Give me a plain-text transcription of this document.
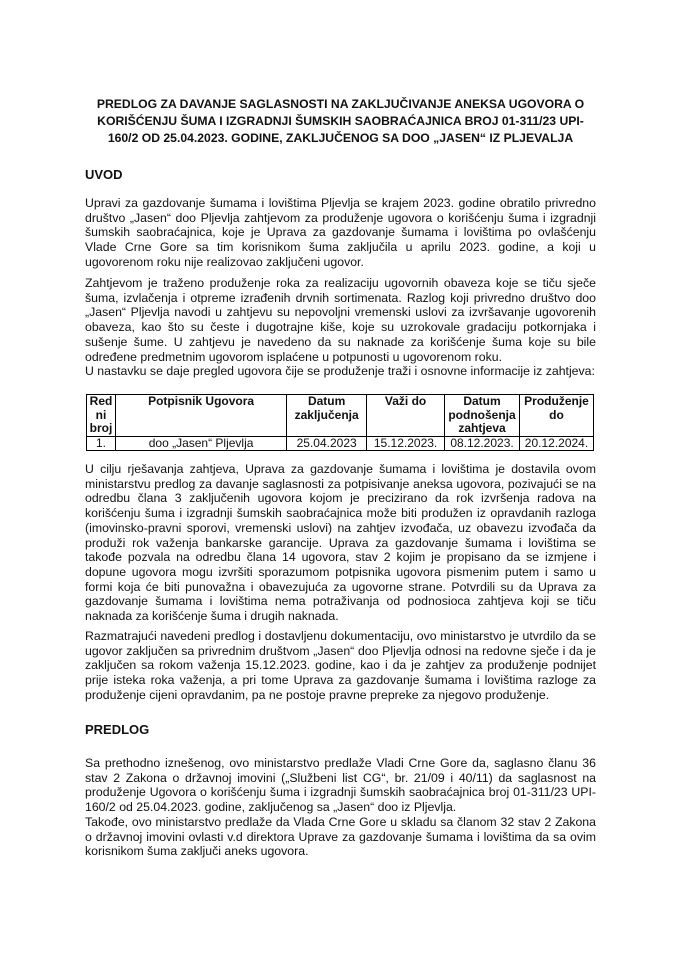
PREDLOG ZA DAVANJE SAGLASNOSTI NA ZAKLJUČIVANJE ANEKSA UGOVORA O KORIŠĆENJU ŠUMA I IZGRADNJI ŠUMSKIH SAOBRAĆAJNICA BROJ 01-311/23 UPI-160/2 OD 25.04.2023. GODINE, ZAKLJUČENOG SA DOO „JASEN“ IZ PLJEVALJA
UVOD

Upravi za gazdovanje šumama i lovištima Pljevlja se krajem 2023. godine obratilo privredno društvo „Jasen“ doo Pljevlja zahtjevom za produženje ugovora o korišćenju šuma i izgradnji šumskih saobraćajnica, koje je Uprava za gazdovanje šumama i lovištima po ovlašćenju Vlade Crne Gore sa tim korisnikom šuma zaključila u aprilu 2023. godine, a koji u ugovorenom roku nije realizovao zaključeni ugovor.

Zahtjevom je traženo produženje roka za realizaciju ugovornih obaveza koje se tiču sječe šuma, izvlačenja i otpreme izrađenih drvnih sortimenata. Razlog koji privredno društvo doo „Jasen“ Pljevlja navodi u zahtjevu su nepovoljni vremenski uslovi za izvršavanje ugovorenih obaveza, kao što su česte i dugotrajne kiše, koje su uzrokovale gradaciju potkornjaka i sušenje šume. U zahtjevu je navedeno da su naknade za korišćenje šuma koje su bile određene predmetnim ugovorom isplaćene u potpunosti u ugovorenom roku.

U nastavku se daje pregled ugovora čije se produženje traži i osnovne informacije iz zahtjeva:

Red ni broj	Potpisnik Ugovora	Datum zaključenja	Važi do	Datum podnošenja zahtjeva	Produženje do
1.	doo „Jasen“ Pljevlja	25.04.2023	15.12.2023.	08.12.2023.	20.12.2024.

U cilju rješavanja zahtjeva, Uprava za gazdovanje šumama i lovištima je dostavila ovom ministarstvu predlog za davanje saglasnosti za potpisivanje aneksa ugovora, pozivajući se na odredbu člana 3 zaključenih ugovora kojom je precizirano da rok izvršenja radova na korišćenju šuma i izgradnji šumskih saobraćajnica može biti produžen iz opravdanih razloga (imovinsko-pravni sporovi, vremenski uslovi) na zahtjev izvođača, uz obavezu izvođača da produži rok važenja bankarske garancije. Uprava za gazdovanje šumama i lovištima se takođe pozvala na odredbu člana 14 ugovora, stav 2 kojim je propisano da se izmjene i dopune ugovora mogu izvršiti sporazumom potpisnika ugovora pismenim putem i samo u formi koja će biti punovažna i obavezujuća za ugovorne strane. Potvrdili su da Uprava za gazdovanje šumama i lovištima nema potraživanja od podnosioca zahtjeva koji se tiču naknada za korišćenje šuma i drugih naknada.

Razmatrajući navedeni predlog i dostavljenu dokumentaciju, ovo ministarstvo je utvrdilo da se ugovor zaključen sa privrednim društvom „Jasen“ doo Pljevlja odnosi na redovne sječe i da je zaključen sa rokom važenja 15.12.2023. godine, kao i da je zahtjev za produženje podnijet prije isteka roka važenja, a pri tome Uprava za gazdovanje šumama i lovištima razloge za produženje cijeni opravdanim, pa ne postoje pravne prepreke za njegovo produženje.

PREDLOG

Sa prethodno iznešenog, ovo ministarstvo predlaže Vladi Crne Gore da, saglasno članu 36 stav 2 Zakona o državnoj imovini („Službeni list CG“, br. 21/09 i 40/11) da saglasnost na produženje Ugovora o korišćenju šuma i izgradnji šumskih saobraćajnica broj 01-311/23 UPI-160/2 od 25.04.2023. godine, zaključenog sa „Jasen“ doo iz Pljevlja.

Takođe, ovo ministarstvo predlaže da Vlada Crne Gore u skladu sa članom 32 stav 2 Zakona o državnoj imovini ovlasti v.d direktora Uprave za gazdovanje šumama i lovištima da sa ovim korisnikom šuma zaključi aneks ugovora.
